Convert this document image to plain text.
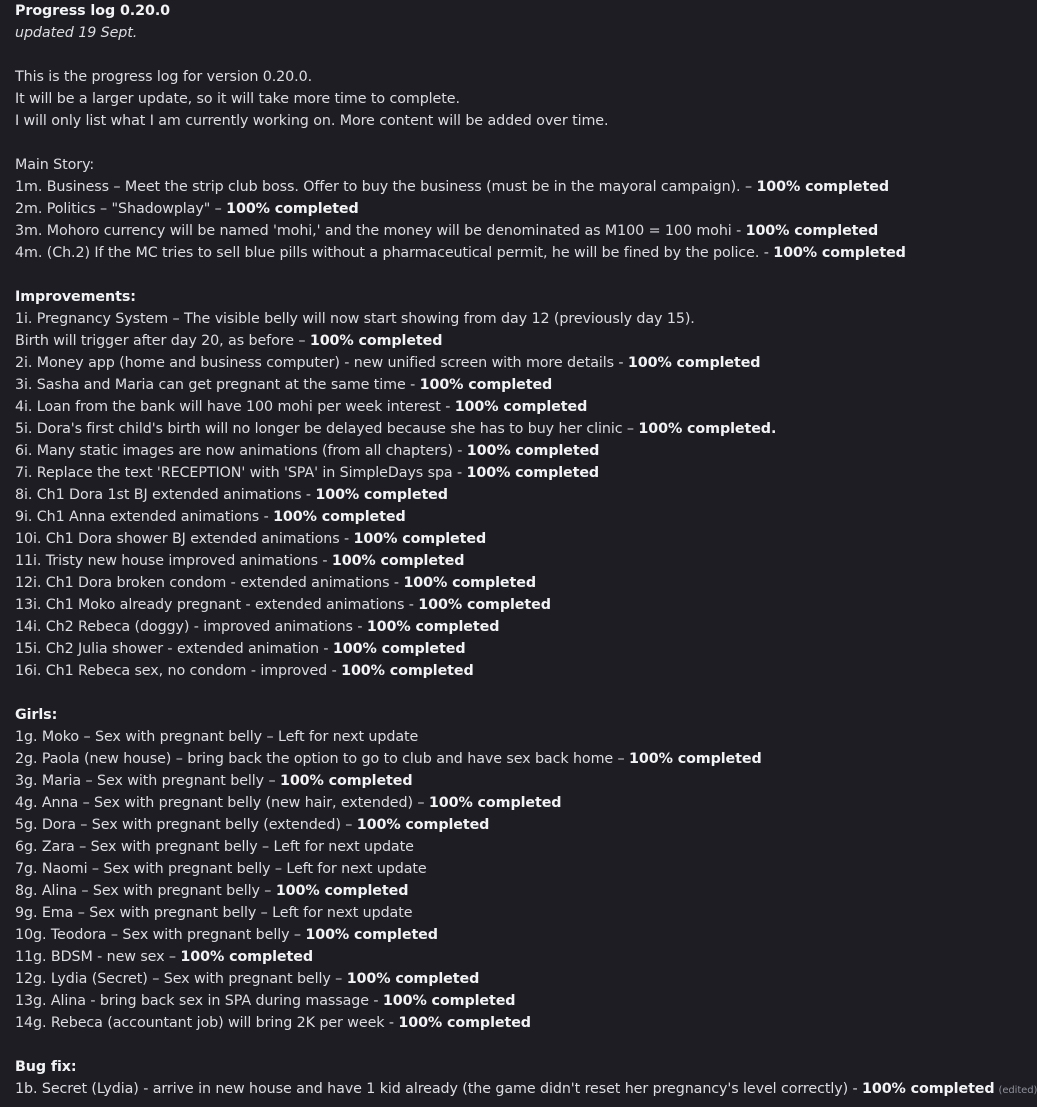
Progress log 0.20.0
updated 19 Sept.
This is the progress log for version 0.20.0.
It will be a larger update, so it will take more time to complete.
I will only list what I am currently working on. More content will be added over time.
Main Story:
1m. Business – Meet the strip club boss. Offer to buy the business (must be in the mayoral campaign). – 100% completed
2m. Politics – "Shadowplay" – 100% completed
3m. Mohoro currency will be named 'mohi,' and the money will be denominated as M100 = 100 mohi - 100% completed
4m. (Ch.2) If the MC tries to sell blue pills without a pharmaceutical permit, he will be fined by the police. - 100% completed
Improvements:
1i. Pregnancy System – The visible belly will now start showing from day 12 (previously day 15).
Birth will trigger after day 20, as before – 100% completed
2i. Money app (home and business computer) - new unified screen with more details - 100% completed
3i. Sasha and Maria can get pregnant at the same time - 100% completed
4i. Loan from the bank will have 100 mohi per week interest - 100% completed
5i. Dora's first child's birth will no longer be delayed because she has to buy her clinic – 100% completed.
6i. Many static images are now animations (from all chapters) - 100% completed
7i. Replace the text 'RECEPTION' with 'SPA' in SimpleDays spa - 100% completed
8i. Ch1 Dora 1st BJ extended animations - 100% completed
9i. Ch1 Anna extended animations - 100% completed
10i. Ch1 Dora shower BJ extended animations - 100% completed
11i. Tristy new house improved animations - 100% completed
12i. Ch1 Dora broken condom - extended animations - 100% completed
13i. Ch1 Moko already pregnant - extended animations - 100% completed
14i. Ch2 Rebeca (doggy) - improved animations - 100% completed
15i. Ch2 Julia shower - extended animation - 100% completed
16i. Ch1 Rebeca sex, no condom - improved - 100% completed
Girls:
1g. Moko – Sex with pregnant belly – Left for next update
2g. Paola (new house) – bring back the option to go to club and have sex back home – 100% completed
3g. Maria – Sex with pregnant belly – 100% completed
4g. Anna – Sex with pregnant belly (new hair, extended) – 100% completed
5g. Dora – Sex with pregnant belly (extended) – 100% completed
6g. Zara – Sex with pregnant belly – Left for next update
7g. Naomi – Sex with pregnant belly – Left for next update
8g. Alina – Sex with pregnant belly – 100% completed
9g. Ema – Sex with pregnant belly – Left for next update
10g. Teodora – Sex with pregnant belly – 100% completed
11g. BDSM - new sex – 100% completed
12g. Lydia (Secret) – Sex with pregnant belly – 100% completed
13g. Alina - bring back sex in SPA during massage - 100% completed
14g. Rebeca (accountant job) will bring 2K per week - 100% completed
Bug fix:
1b. Secret (Lydia) - arrive in new house and have 1 kid already (the game didn't reset her pregnancy's level correctly) - 100% completed (edited)
